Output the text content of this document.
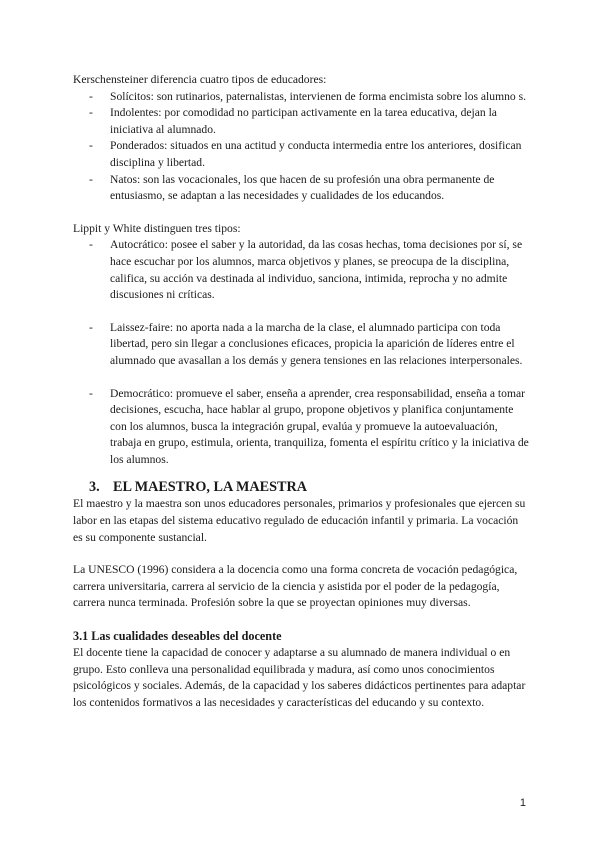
Kerschensteiner diferencia cuatro tipos de educadores:

- Solícitos: son rutinarios, paternalistas, intervienen de forma encimista sobre los alumno s.
- Indolentes: por comodidad no participan activamente en la tarea educativa, dejan la iniciativa al alumnado.
- Ponderados: situados en una actitud y conducta intermedia entre los anteriores, dosifican disciplina y libertad.
- Natos: son las vocacionales, los que hacen de su profesión una obra permanente de entusiasmo, se adaptan a las necesidades y cualidades de los educandos.

Lippit y White distinguen tres tipos:

- Autocrático: posee el saber y la autoridad, da las cosas hechas, toma decisiones por sí, se hace escuchar por los alumnos, marca objetivos y planes, se preocupa de la disciplina, califica, su acción va destinada al individuo, sanciona, intimida, reprocha y no admite discusiones ni críticas.
- Laissez-faire: no aporta nada a la marcha de la clase, el alumnado participa con toda libertad, pero sin llegar a conclusiones eficaces, propicia la aparición de líderes entre el alumnado que avasallan a los demás y genera tensiones en las relaciones interpersonales.
- Democrático: promueve el saber, enseña a aprender, crea responsabilidad, enseña a tomar decisiones, escucha, hace hablar al grupo, propone objetivos y planifica conjuntamente con los alumnos, busca la integración grupal, evalúa y promueve la autoevaluación, trabaja en grupo, estimula, orienta, tranquiliza, fomenta el espíritu crítico y la iniciativa de los alumnos.
3. EL MAESTRO, LA MAESTRA

El maestro y la maestra son unos educadores personales, primarios y profesionales que ejercen su labor en las etapas del sistema educativo regulado de educación infantil y primaria. La vocación es su componente sustancial.

La UNESCO (1996) considera a la docencia como una forma concreta de vocación pedagógica, carrera universitaria, carrera al servicio de la ciencia y asistida por el poder de la pedagogía, carrera nunca terminada. Profesión sobre la que se proyectan opiniones muy diversas.

3.1 Las cualidades deseables del docente

El docente tiene la capacidad de conocer y adaptarse a su alumnado de manera individual o en grupo. Esto conlleva una personalidad equilibrada y madura, así como unos conocimientos psicológicos y sociales. Además, de la capacidad y los saberes didácticos pertinentes para adaptar los contenidos formativos a las necesidades y características del educando y su contexto.

1
